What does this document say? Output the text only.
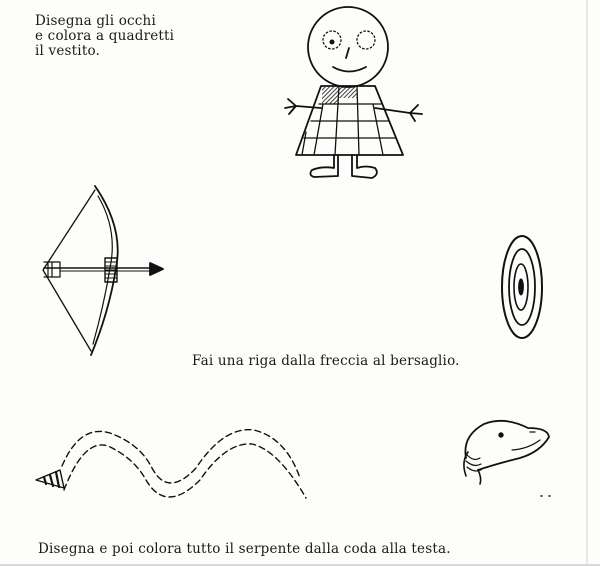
Disegna gli occhi
e colora a quadretti
il vestito.
Fai una riga dalla freccia al bersaglio.
Disegna e poi colora tutto il serpente dalla coda alla testa.
